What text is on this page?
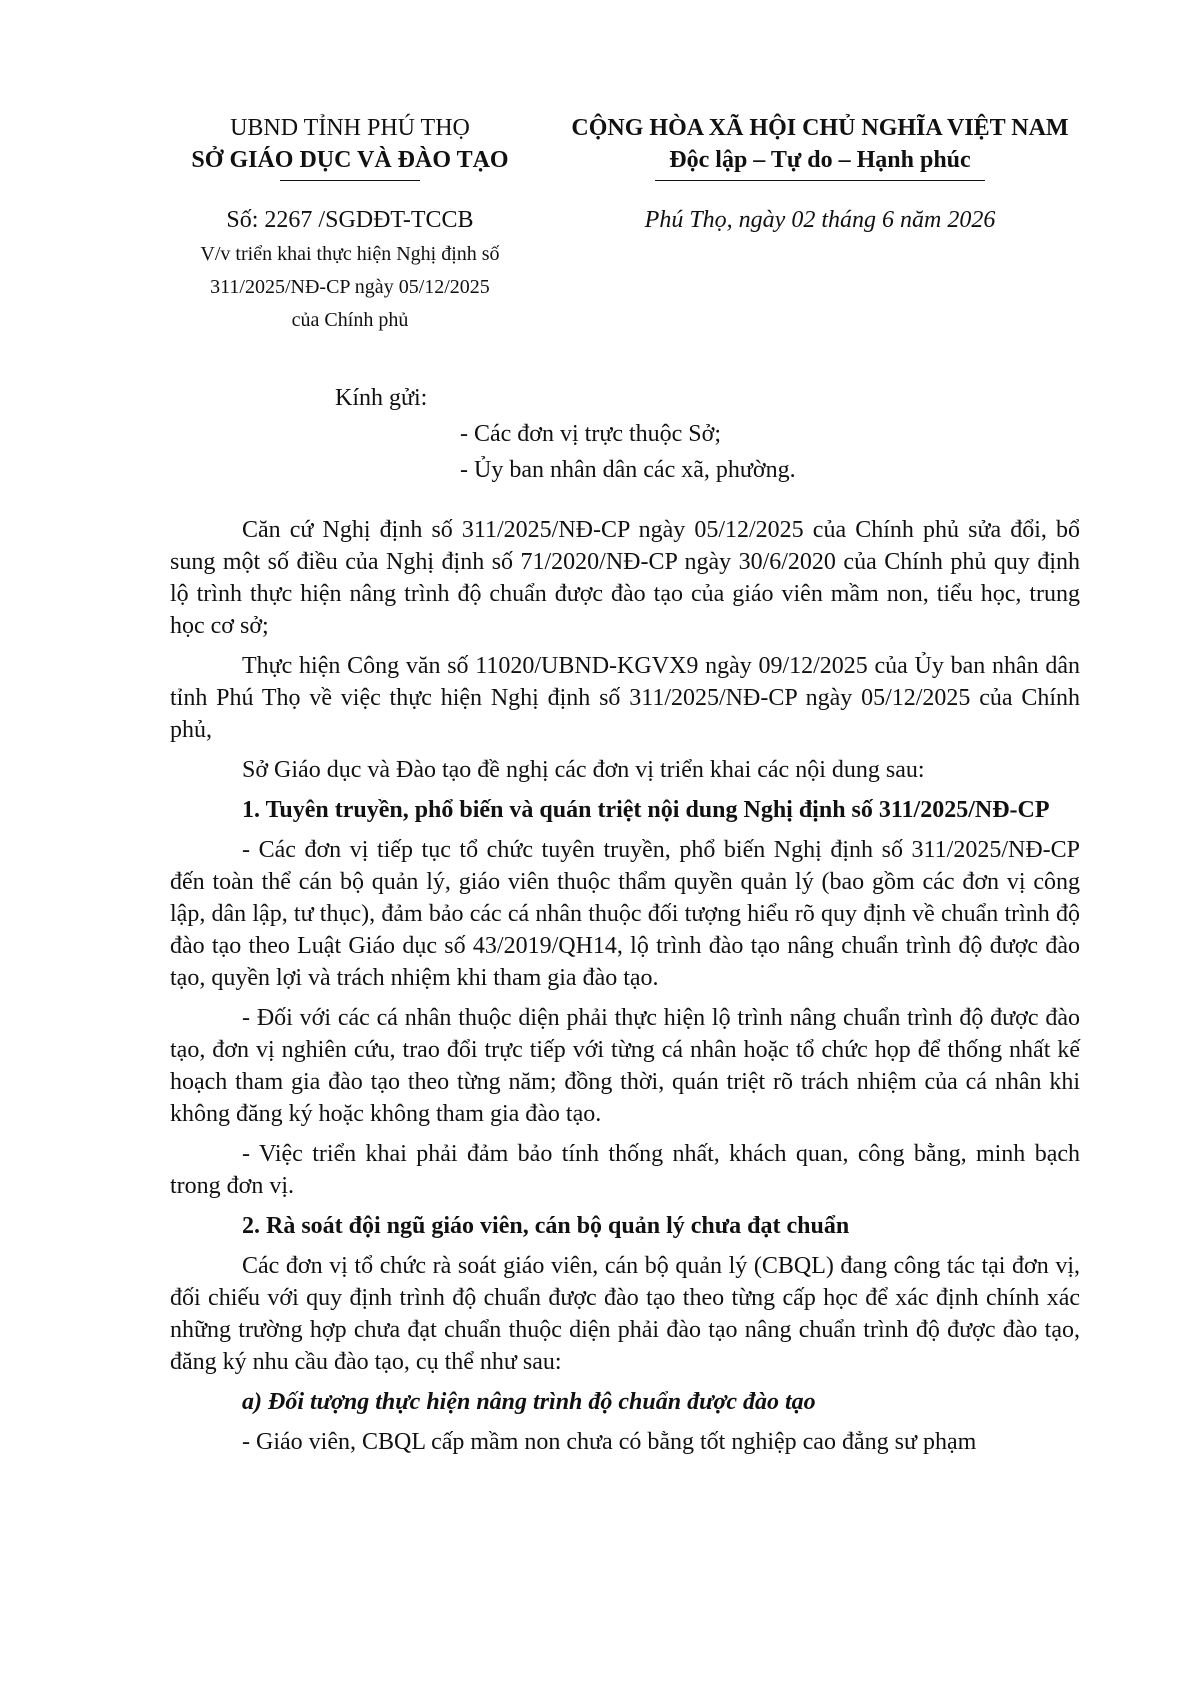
UBND TỈNH PHÚ THỌ
SỞ GIÁO DỤC VÀ ĐÀO TẠO
Số: 2267 /SGDĐT-TCCB
V/v triển khai thực hiện Nghị định số
311/2025/NĐ-CP ngày 05/12/2025
của Chính phủ
CỘNG HÒA XÃ HỘI CHỦ NGHĨA VIỆT NAM
Độc lập – Tự do – Hạnh phúc
Phú Thọ, ngày 02 tháng 6 năm 2026
Kính gửi:
- Các đơn vị trực thuộc Sở;
- Ủy ban nhân dân các xã, phường.

Căn cứ Nghị định số 311/2025/NĐ-CP ngày 05/12/2025 của Chính phủ sửa đổi, bổ sung một số điều của Nghị định số 71/2020/NĐ-CP ngày 30/6/2020 của Chính phủ quy định lộ trình thực hiện nâng trình độ chuẩn được đào tạo của giáo viên mầm non, tiểu học, trung học cơ sở;

Thực hiện Công văn số 11020/UBND-KGVX9 ngày 09/12/2025 của Ủy ban nhân dân tỉnh Phú Thọ về việc thực hiện Nghị định số 311/2025/NĐ-CP ngày 05/12/2025 của Chính phủ,

Sở Giáo dục và Đào tạo đề nghị các đơn vị triển khai các nội dung sau:

1. Tuyên truyền, phổ biến và quán triệt nội dung Nghị định số 311/2025/NĐ-CP

- Các đơn vị tiếp tục tổ chức tuyên truyền, phổ biến Nghị định số 311/2025/NĐ-CP đến toàn thể cán bộ quản lý, giáo viên thuộc thẩm quyền quản lý (bao gồm các đơn vị công lập, dân lập, tư thục), đảm bảo các cá nhân thuộc đối tượng hiểu rõ quy định về chuẩn trình độ đào tạo theo Luật Giáo dục số 43/2019/QH14, lộ trình đào tạo nâng chuẩn trình độ được đào tạo, quyền lợi và trách nhiệm khi tham gia đào tạo.

- Đối với các cá nhân thuộc diện phải thực hiện lộ trình nâng chuẩn trình độ được đào tạo, đơn vị nghiên cứu, trao đổi trực tiếp với từng cá nhân hoặc tổ chức họp để thống nhất kế hoạch tham gia đào tạo theo từng năm; đồng thời, quán triệt rõ trách nhiệm của cá nhân khi không đăng ký hoặc không tham gia đào tạo.

- Việc triển khai phải đảm bảo tính thống nhất, khách quan, công bằng, minh bạch trong đơn vị.

2. Rà soát đội ngũ giáo viên, cán bộ quản lý chưa đạt chuẩn

Các đơn vị tổ chức rà soát giáo viên, cán bộ quản lý (CBQL) đang công tác tại đơn vị, đối chiếu với quy định trình độ chuẩn được đào tạo theo từng cấp học để xác định chính xác những trường hợp chưa đạt chuẩn thuộc diện phải đào tạo nâng chuẩn trình độ được đào tạo, đăng ký nhu cầu đào tạo, cụ thể như sau:

a) Đối tượng thực hiện nâng trình độ chuẩn được đào tạo

- Giáo viên, CBQL cấp mầm non chưa có bằng tốt nghiệp cao đẳng sư phạm
